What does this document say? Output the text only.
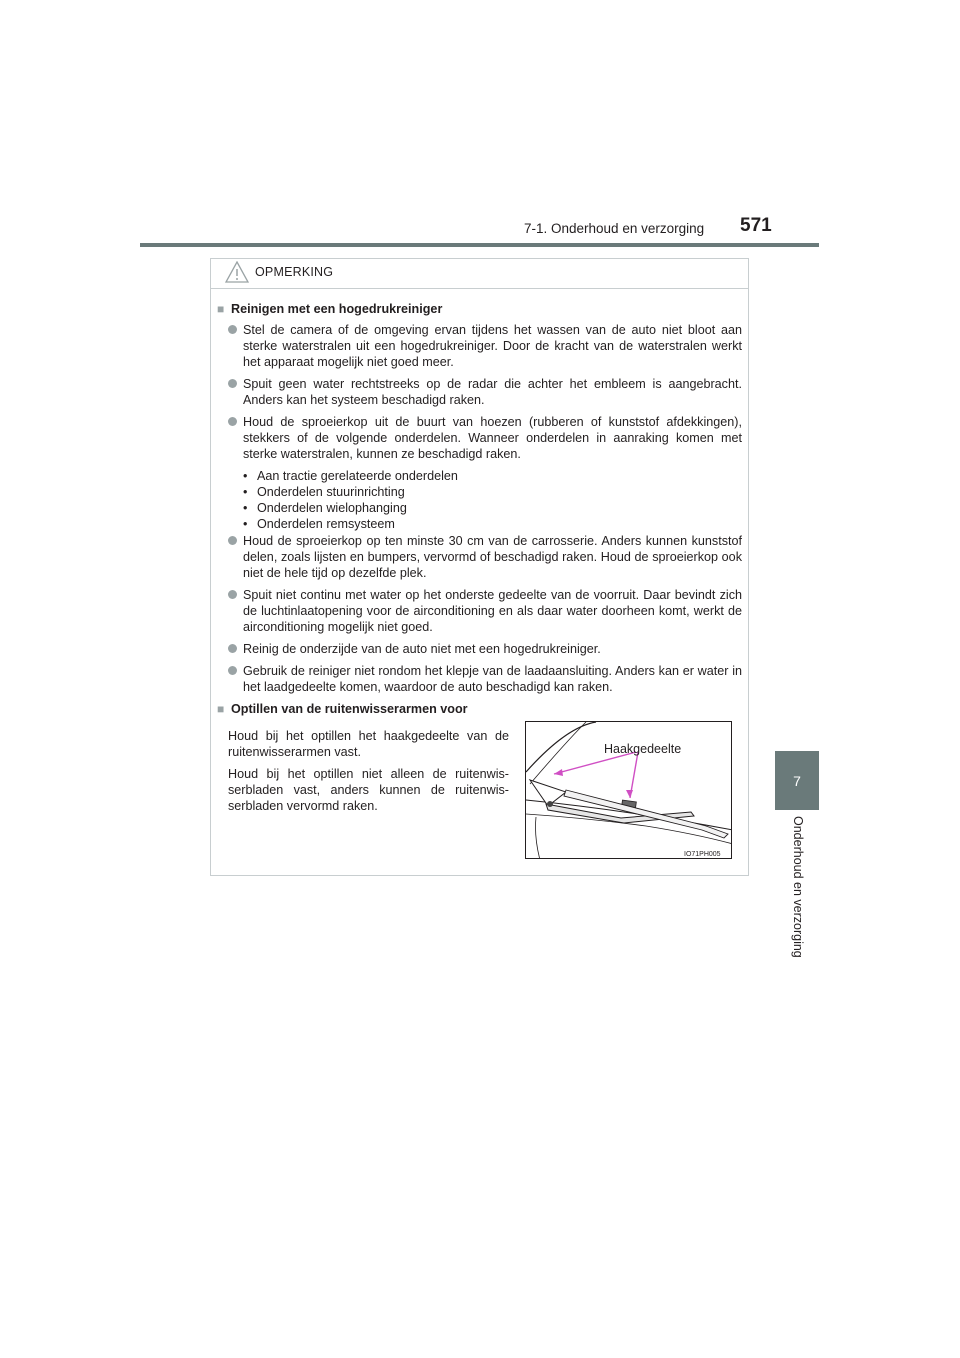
7-1. Onderhoud en verzorging 571
7
Onderhoud en verzorging
OPMERKING
■ Reinigen met een hogedrukreiniger
Stel de camera of de omgeving ervan tijdens het wassen van de auto niet bloot aan sterke waterstralen uit een hogedrukreiniger. Door de kracht van de waterstralen werkt het apparaat mogelijk niet goed meer.
Spuit geen water rechtstreeks op de radar die achter het embleem is aangebracht. Anders kan het systeem beschadigd raken.
Houd de sproeierkop uit de buurt van hoezen (rubberen of kunststof afdekkingen), stekkers of de volgende onderdelen. Wanneer onderdelen in aanraking komen met sterke waterstralen, kunnen ze beschadigd raken.
• Aan tractie gerelateerde onderdelen
• Onderdelen stuurinrichting
• Onderdelen wielophanging
• Onderdelen remsysteem
Houd de sproeierkop op ten minste 30 cm van de carrosserie. Anders kunnen kunststof delen, zoals lijsten en bumpers, vervormd of beschadigd raken. Houd de sproeierkop ook niet de hele tijd op dezelfde plek.
Spuit niet continu met water op het onderste gedeelte van de voorruit. Daar bevindt zich de luchtinlaatopening voor de airconditioning en als daar water doorheen komt, werkt de airconditioning mogelijk niet goed.
Reinig de onderzijde van de auto niet met een hogedrukreiniger.
Gebruik de reiniger niet rondom het klepje van de laadaansluiting. Anders kan er water in het laadgedeelte komen, waardoor de auto beschadigd kan raken.
■ Optillen van de ruitenwisserarmen voor

Houd bij het optillen het haakgedeelte van de ruitenwisserarmen vast.

Houd bij het optillen niet alleen de ruitenwis-serbladen vast, anders kunnen de ruitenwis-serbladen vervormd raken.

Haakgedeelte
IO71PH005
